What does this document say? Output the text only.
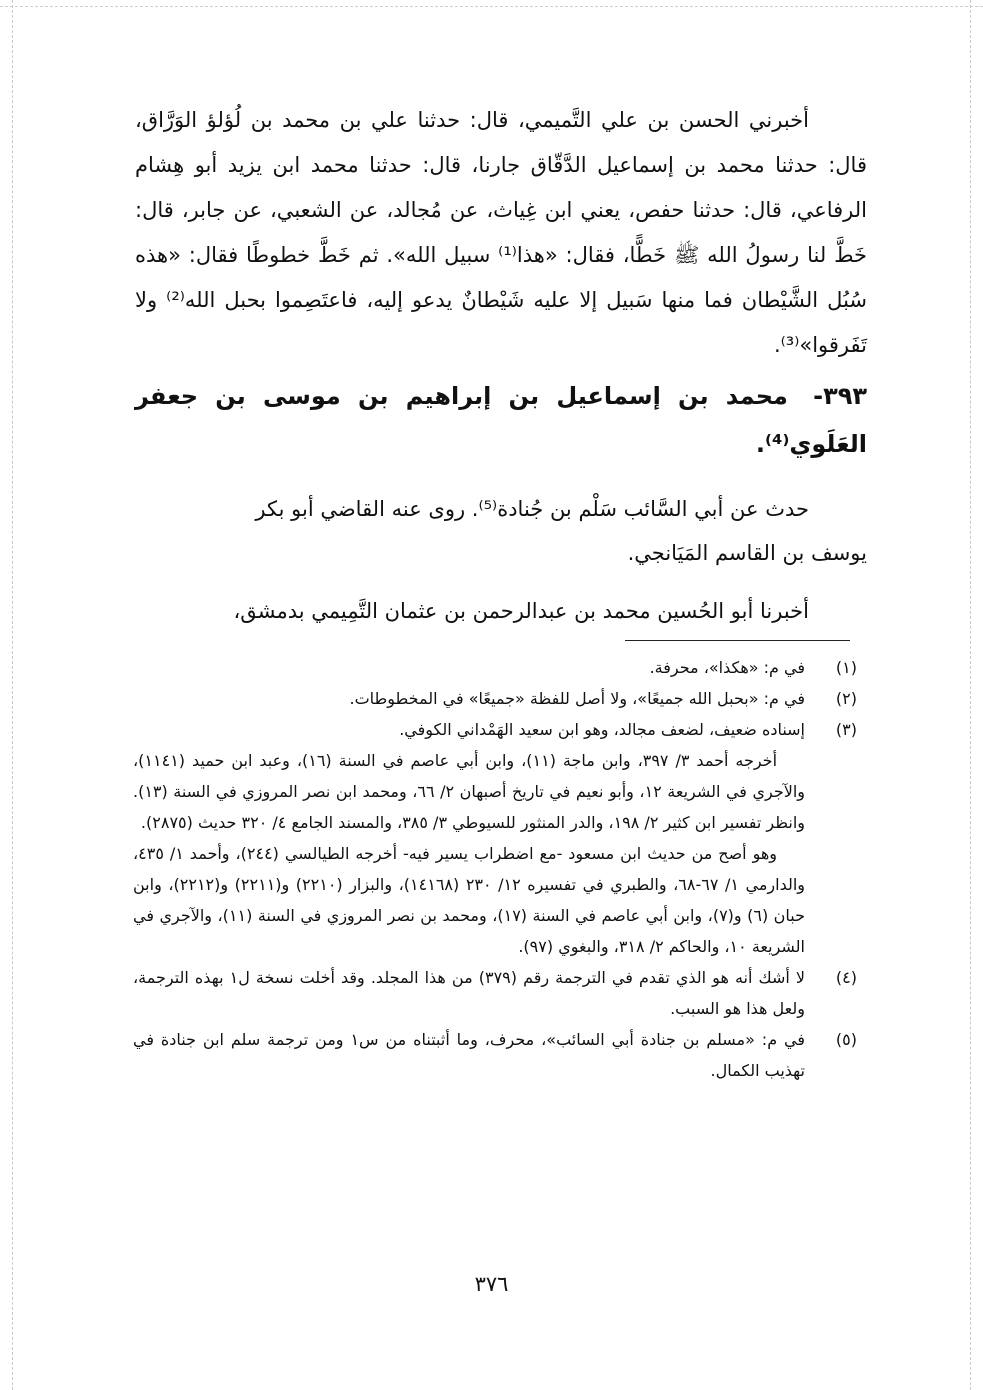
أخبرني الحسن بن علي التَّميمي، قال: حدثنا علي بن محمد بن لُؤلؤ الوَرَّاق، قال: حدثنا محمد بن إسماعيل الدَّقّاق جارنا، قال: حدثنا محمد ابن يزيد أبو هِشام الرفاعي، قال: حدثنا حفص، يعني ابن غِياث، عن مُجالد، عن الشعبي، عن جابر، قال: خَطَّ لنا رسولُ الله ﷺ خَطًّا، فقال: «هذا⁽¹⁾ سبيل الله». ثم خَطَّ خطوطًا فقال: «هذه سُبُل الشَّيْطان فما منها سَبيل إلا عليه شَيْطانٌ يدعو إليه، فاعتَصِموا بحبل الله⁽²⁾ ولا تَفَرقوا»⁽³⁾.

٣٩٣- محمد بن إسماعيل بن إبراهيم بن موسى بن جعفر العَلَوي⁽⁴⁾.

حدث عن أبي السَّائب سَلْم بن جُنادة⁽⁵⁾. روى عنه القاضي أبو بكر

يوسف بن القاسم المَيَانجي.

أخبرنا أبو الحُسين محمد بن عبدالرحمن بن عثمان التَّمِيمي بدمشق،

(١)
في م: «هكذا»، محرفة.

(٢)
في م: «بحبل الله جميعًا»، ولا أصل للفظة «جميعًا» في المخطوطات.

(٣)
إسناده ضعيف، لضعف مجالد، وهو ابن سعيد الهَمْداني الكوفي.

أخرجه أحمد ٣/ ٣٩٧، وابن ماجة (١١)، وابن أبي عاصم في السنة (١٦)، وعبد ابن حميد (١١٤١)، والآجري في الشريعة ١٢، وأبو نعيم في تاريخ أصبهان ٢/ ٦٦، ومحمد ابن نصر المروزي في السنة (١٣). وانظر تفسير ابن كثير ٢/ ١٩٨، والدر المنثور للسيوطي ٣/ ٣٨٥، والمسند الجامع ٤/ ٣٢٠ حديث (٢٨٧٥).

وهو أصح من حديث ابن مسعود -مع اضطراب يسير فيه- أخرجه الطيالسي (٢٤٤)، وأحمد ١/ ٤٣٥، والدارمي ١/ ٦٧-٦٨، والطبري في تفسيره ١٢/ ٢٣٠ (١٤١٦٨)، والبزار (٢٢١٠) و(٢٢١١) و(٢٢١٢)، وابن حبان (٦) و(٧)، وابن أبي عاصم في السنة (١٧)، ومحمد بن نصر المروزي في السنة (١١)، والآجري في الشريعة ١٠، والحاكم ٢/ ٣١٨، والبغوي (٩٧).

(٤)
لا أشك أنه هو الذي تقدم في الترجمة رقم (٣٧٩) من هذا المجلد. وقد أخلت نسخة ل١ بهذه الترجمة، ولعل هذا هو السبب.

(٥)
في م: «مسلم بن جنادة أبي السائب»، محرف، وما أثبتناه من س١ ومن ترجمة سلم ابن جنادة في تهذيب الكمال.

٣٧٦
